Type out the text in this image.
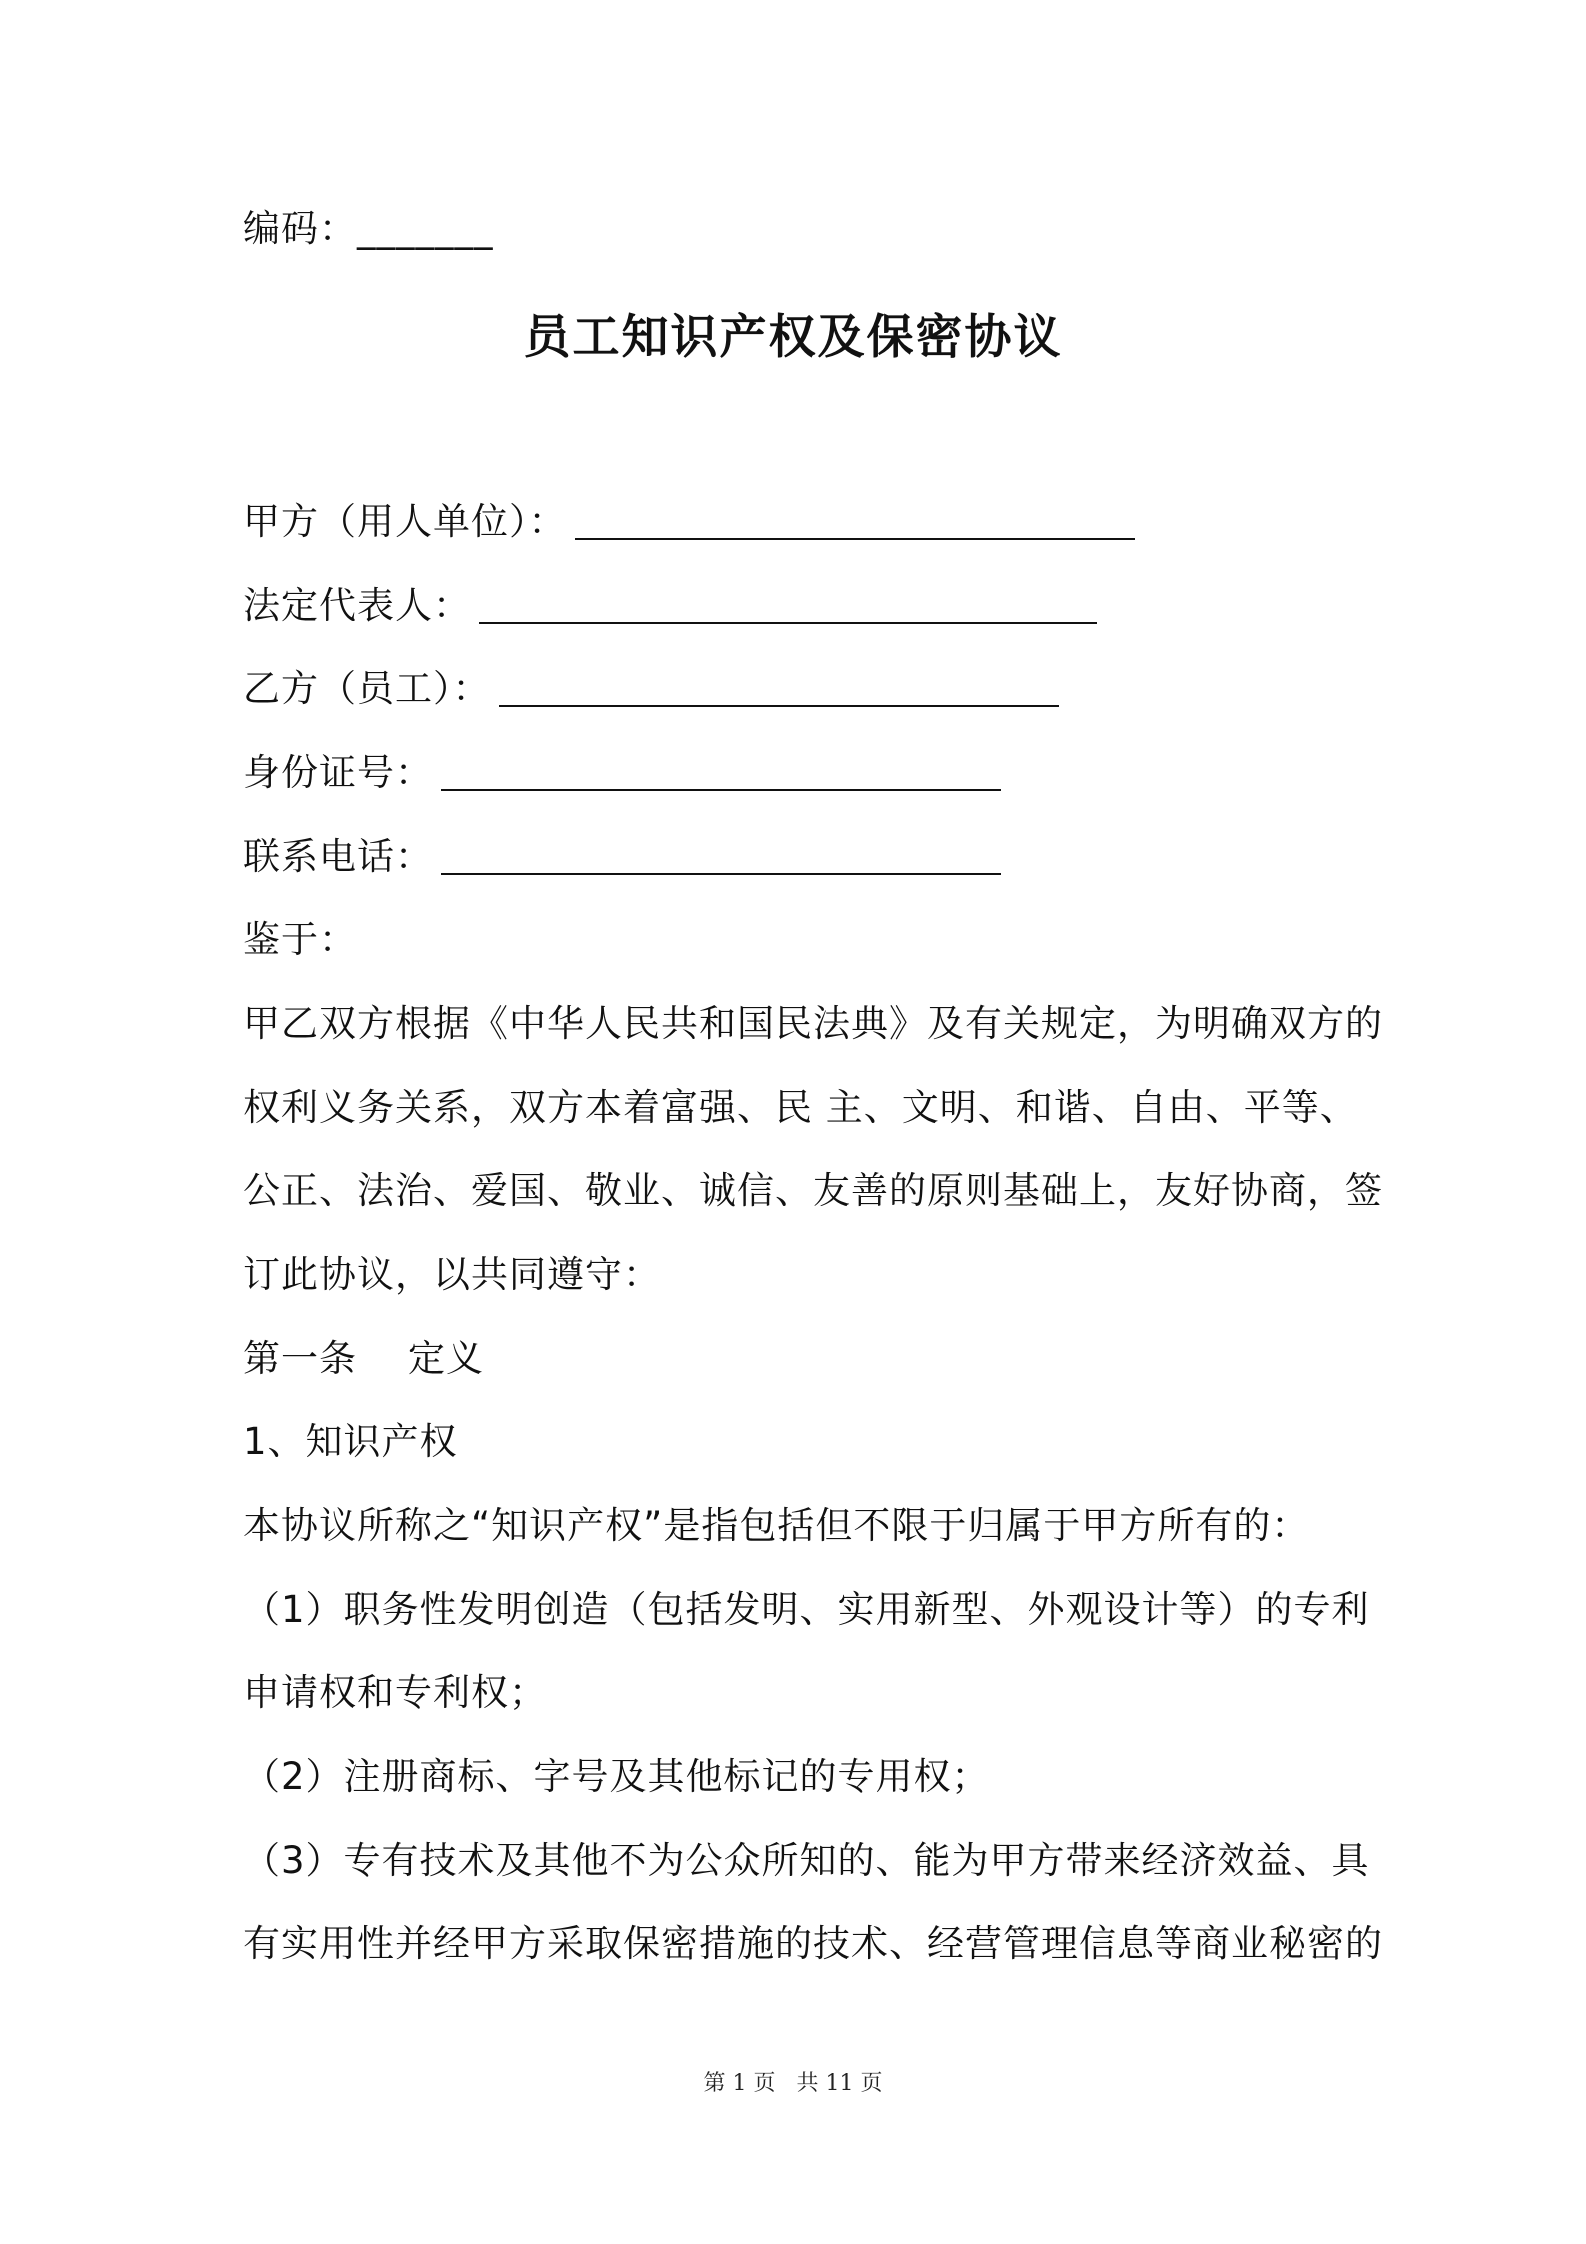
编码：_______
员工知识产权及保密协议
甲方（用人单位）：
法定代表人：
乙方（员工）：
身份证号：
联系电话：
鉴于：
甲乙双方根据《中华人民共和国民法典》及有关规定，为明确双方的
权利义务关系，双方本着富强、民 主、文明、和谐、自由、平等、
公正、法治、爱国、敬业、诚信、友善的原则基础上，友好协商，签
订此协议，以共同遵守：
第一条    定义
1、知识产权
本协议所称之“知识产权”是指包括但不限于归属于甲方所有的：
（1）职务性发明创造（包括发明、实用新型、外观设计等）的专利
申请权和专利权；
（2）注册商标、字号及其他标记的专用权；
（3）专有技术及其他不为公众所知的、能为甲方带来经济效益、具
有实用性并经甲方采取保密措施的技术、经营管理信息等商业秘密的
第 1 页   共 11 页
